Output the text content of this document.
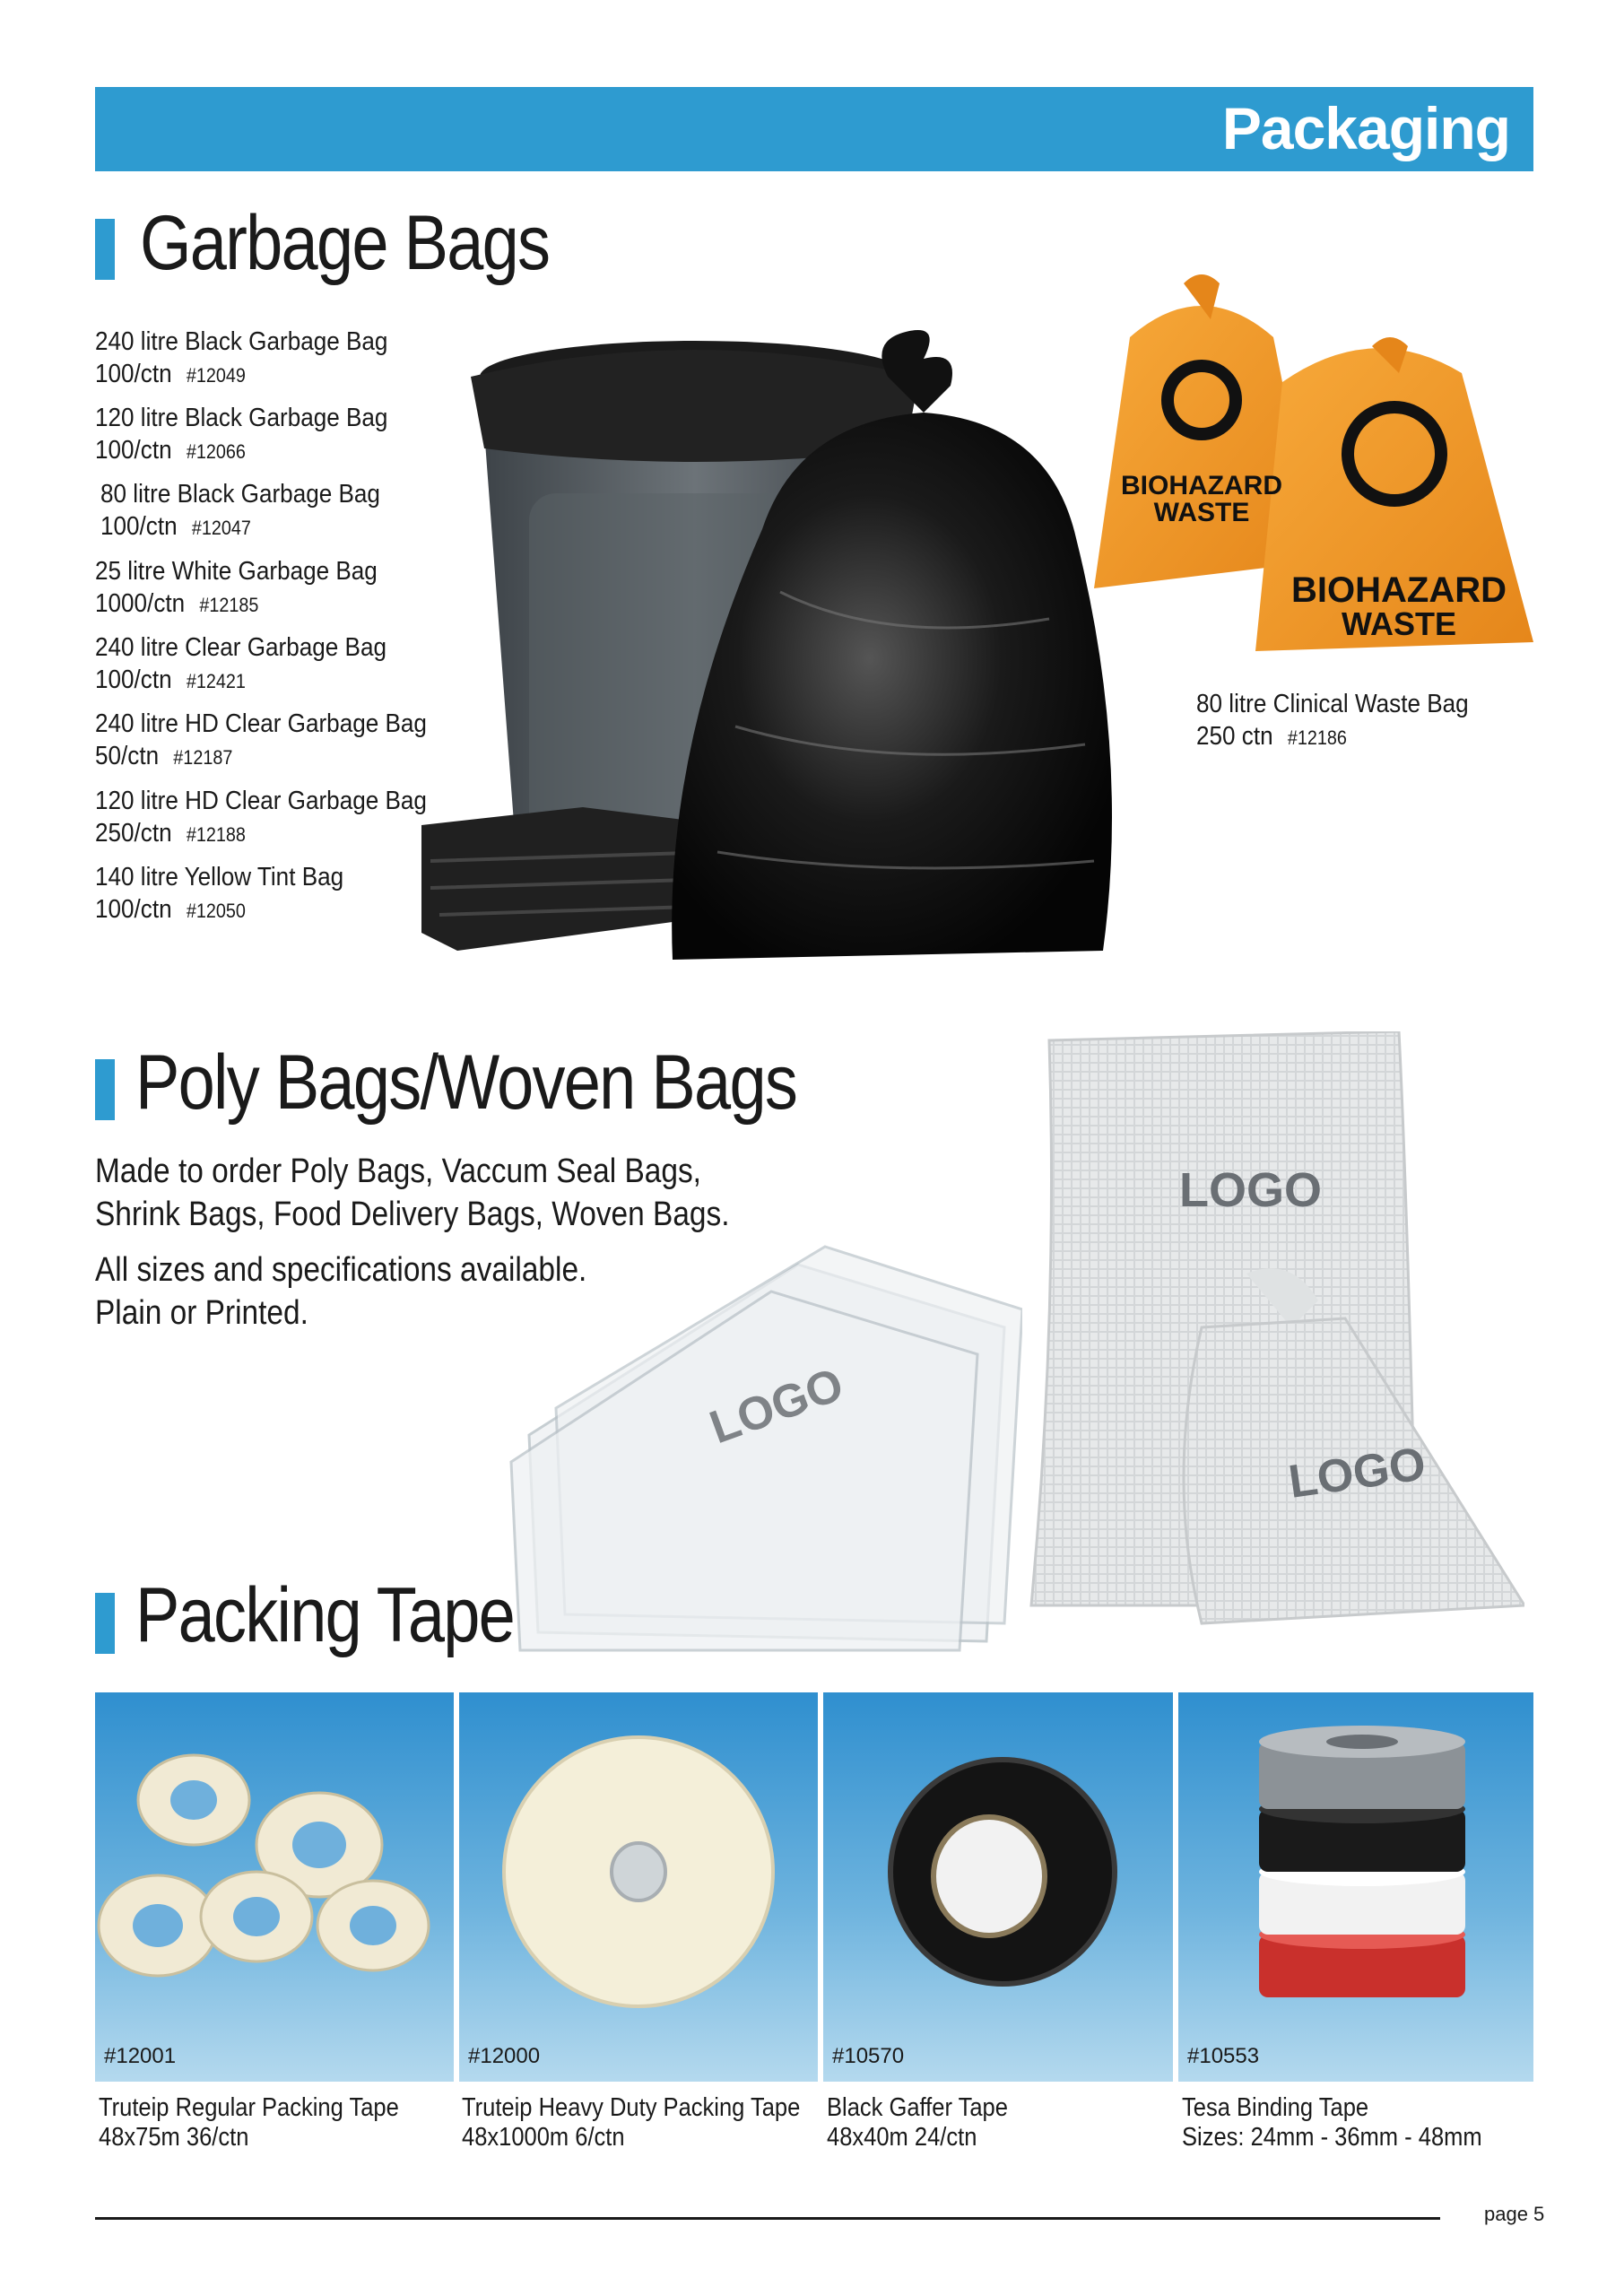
Packaging
Garbage Bags
240 litre Black Garbage Bag
100/ctn #12049
120 litre Black Garbage Bag
100/ctn #12066
80 litre Black Garbage Bag
100/ctn #12047
25 litre White Garbage Bag
1000/ctn #12185
240 litre Clear Garbage Bag
100/ctn #12421
240 litre HD Clear Garbage Bag
50/ctn #12187
120 litre HD Clear Garbage Bag
250/ctn #12188
140 litre Yellow Tint Bag
100/ctn #12050
BIOHAZARD
WASTE
BIOHAZARD
WASTE
80 litre Clinical Waste Bag
250 ctn #12186
Poly Bags/Woven Bags
Made to order Poly Bags, Vaccum Seal Bags,
Shrink Bags, Food Delivery Bags, Woven Bags.
All sizes and specifications available.
Plain or Printed.
LOGO
LOGO
LOGO
Packing Tape
#12001	#12000	#10570	#10553
Truteip Regular Packing Tape
48x75m 36/ctn
Truteip Heavy Duty Packing Tape
48x1000m 6/ctn
Black Gaffer Tape
48x40m 24/ctn
Tesa Binding Tape
Sizes: 24mm - 36mm - 48mm
page 5
